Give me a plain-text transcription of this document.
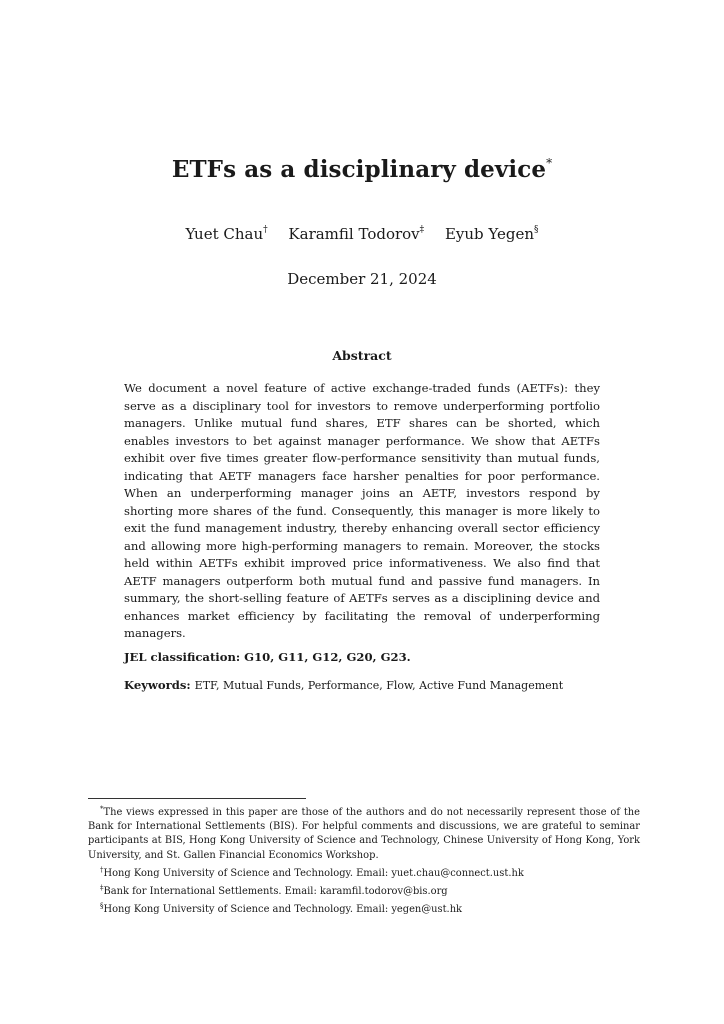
ETFs as a disciplinary device*
Yuet Chau† Karamfil Todorov‡ Eyub Yegen§
December 21, 2024
Abstract
We document a novel feature of active exchange-traded funds (AETFs): they serve as a disciplinary tool for investors to remove underperforming portfolio managers. Unlike mutual fund shares, ETF shares can be shorted, which enables investors to bet against manager performance. We show that AETFs exhibit over five times greater flow-performance sensitivity than mutual funds, indicating that AETF managers face harsher penalties for poor performance. When an underperforming manager joins an AETF, investors respond by shorting more shares of the fund. Consequently, this manager is more likely to exit the fund management industry, thereby enhancing overall sector efficiency and allowing more high-performing managers to remain. Moreover, the stocks held within AETFs exhibit improved price informativeness. We also find that AETF managers outperform both mutual fund and passive fund managers. In summary, the short-selling feature of AETFs serves as a disciplining device and enhances market efficiency by facilitating the removal of underperforming managers.
JEL classification: G10, G11, G12, G20, G23.
Keywords: ETF, Mutual Funds, Performance, Flow, Active Fund Management

*The views expressed in this paper are those of the authors and do not necessarily represent those of the Bank for International Settlements (BIS). For helpful comments and discussions, we are grateful to seminar participants at BIS, Hong Kong University of Science and Technology, Chinese University of Hong Kong, York University, and St. Gallen Financial Economics Workshop.

†Hong Kong University of Science and Technology. Email: yuet.chau@connect.ust.hk

‡Bank for International Settlements. Email: karamfil.todorov@bis.org

§Hong Kong University of Science and Technology. Email: yegen@ust.hk
